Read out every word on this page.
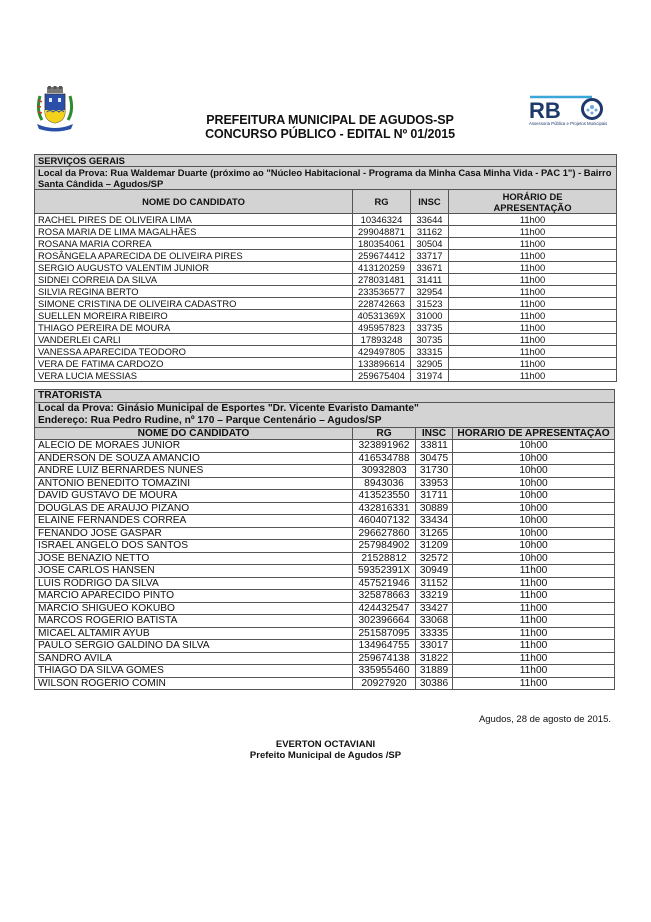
RB
Assessoria Pública e Projetos Municipais
PREFEITURA MUNICIPAL DE AGUDOS-SP
CONCURSO PÚBLICO - EDITAL Nº 01/2015
SERVIÇOS GERAIS			
Local da Prova: Rua Waldemar Duarte (próximo ao "Núcleo Habitacional - Programa da Minha Casa Minha Vida - PAC 1") - Bairro Santa Cândida – Agudos/SP			
NOME DO CANDIDATO	RG	INSC	HORÁRIO DE APRESENTAÇÃO
RACHEL PIRES DE OLIVEIRA LIMA	10346324	33644	11h00
ROSA MARIA DE LIMA MAGALHÃES	299048871	31162	11h00
ROSANA MARIA CORREA	180354061	30504	11h00
ROSÂNGELA APARECIDA DE OLIVEIRA PIRES	259674412	33717	11h00
SERGIO AUGUSTO VALENTIM JUNIOR	413120259	33671	11h00
SIDNEI CORREIA DA SILVA	278031481	31411	11h00
SILVIA REGINA BERTO	233536577	32954	11h00
SIMONE CRISTINA DE OLIVEIRA CADASTRO	228742663	31523	11h00
SUELLEN MOREIRA RIBEIRO	40531369X	31000	11h00
THIAGO PEREIRA DE MOURA	495957823	33735	11h00
VANDERLEI CARLI	17893248	30735	11h00
VANESSA APARECIDA TEODORO	429497805	33315	11h00
VERA DE FATIMA CARDOZO	133896614	32905	11h00
VERA LUCIA MESSIAS	259675404	31974	11h00
TRATORISTA			
Local da Prova: Ginásio Municipal de Esportes "Dr. Vicente Evaristo Damante"
Endereço: Rua Pedro Rudine, nº 170 – Parque Centenário – Agudos/SP			
NOME DO CANDIDATO	RG	INSC	HORÁRIO DE APRESENTAÇÃO
ALECIO DE MORAES JUNIOR	323891962	33811	10h00
ANDERSON DE SOUZA AMANCIO	416534788	30475	10h00
ANDRÉ LUIZ BERNARDES NUNES	30932803	31730	10h00
ANTONIO BENEDITO TOMAZINI	8943036	33953	10h00
DAVID GUSTAVO DE MOURA	413523550	31711	10h00
DOUGLAS DE ARAUJO PIZANO	432816331	30889	10h00
ELAINE FERNANDES CORREA	460407132	33434	10h00
FENANDO JOSÉ GASPAR	296627860	31265	10h00
ISRAEL ANGELO DOS SANTOS	257984902	31209	10h00
JOSÉ BENAZIO NETTO	21528812	32572	10h00
JOSE CARLOS HANSEN	59352391X	30949	11h00
LUIS RODRIGO DA SILVA	457521946	31152	11h00
MARCIO APARECIDO PINTO	325878663	33219	11h00
MÁRCIO SHIGUEO KOKUBO	424432547	33427	11h00
MARCOS ROGÉRIO BATISTA	302396664	33068	11h00
MICAEL ALTAMIR AYUB	251587095	33335	11h00
PAULO SÉRGIO GALDINO DA SILVA	134964755	33017	11h00
SANDRO AVILA	259674138	31822	11h00
THIAGO DA SILVA GOMES	335955460	31889	11h00
WILSON ROGÉRIO COMIN	20927920	30386	11h00
Agudos, 28 de agosto de 2015.
EVERTON OCTAVIANI
Prefeito Municipal de Agudos /SP
